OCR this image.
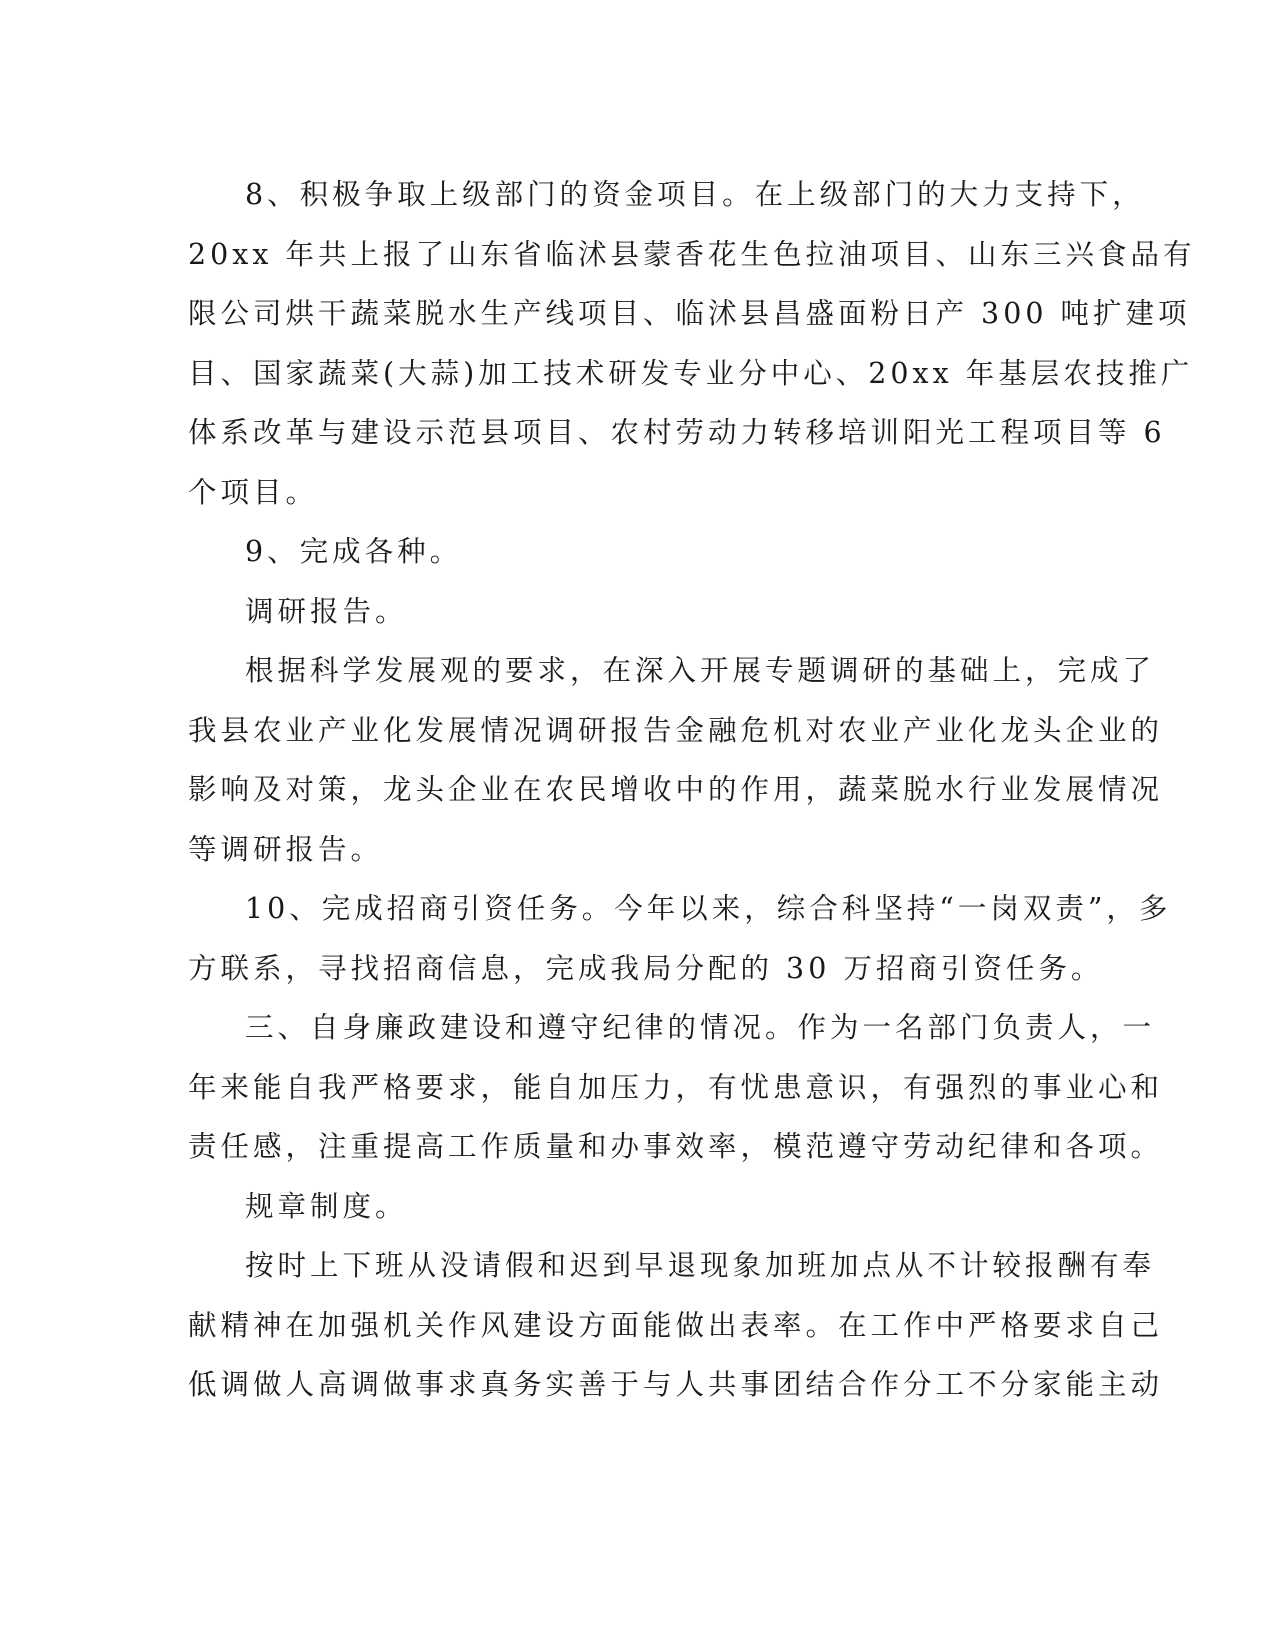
8、积极争取上级部门的资金项目。在上级部门的大力支持下，
20xx 年共上报了山东省临沭县蒙香花生色拉油项目、山东三兴食品有
限公司烘干蔬菜脱水生产线项目、临沭县昌盛面粉日产 300 吨扩建项
目、国家蔬菜(大蒜)加工技术研发专业分中心、20xx 年基层农技推广
体系改革与建设示范县项目、农村劳动力转移培训阳光工程项目等 6
个项目。

9、完成各种。

调研报告。

根据科学发展观的要求，在深入开展专题调研的基础上，完成了
我县农业产业化发展情况调研报告金融危机对农业产业化龙头企业的
影响及对策，龙头企业在农民增收中的作用，蔬菜脱水行业发展情况
等调研报告。

10、完成招商引资任务。今年以来，综合科坚持“一岗双责”，多
方联系，寻找招商信息，完成我局分配的 30 万招商引资任务。

三、自身廉政建设和遵守纪律的情况。作为一名部门负责人，一
年来能自我严格要求，能自加压力，有忧患意识，有强烈的事业心和
责任感，注重提高工作质量和办事效率，模范遵守劳动纪律和各项。

规章制度。

按时上下班从没请假和迟到早退现象加班加点从不计较报酬有奉
献精神在加强机关作风建设方面能做出表率。在工作中严格要求自己
低调做人高调做事求真务实善于与人共事团结合作分工不分家能主动
